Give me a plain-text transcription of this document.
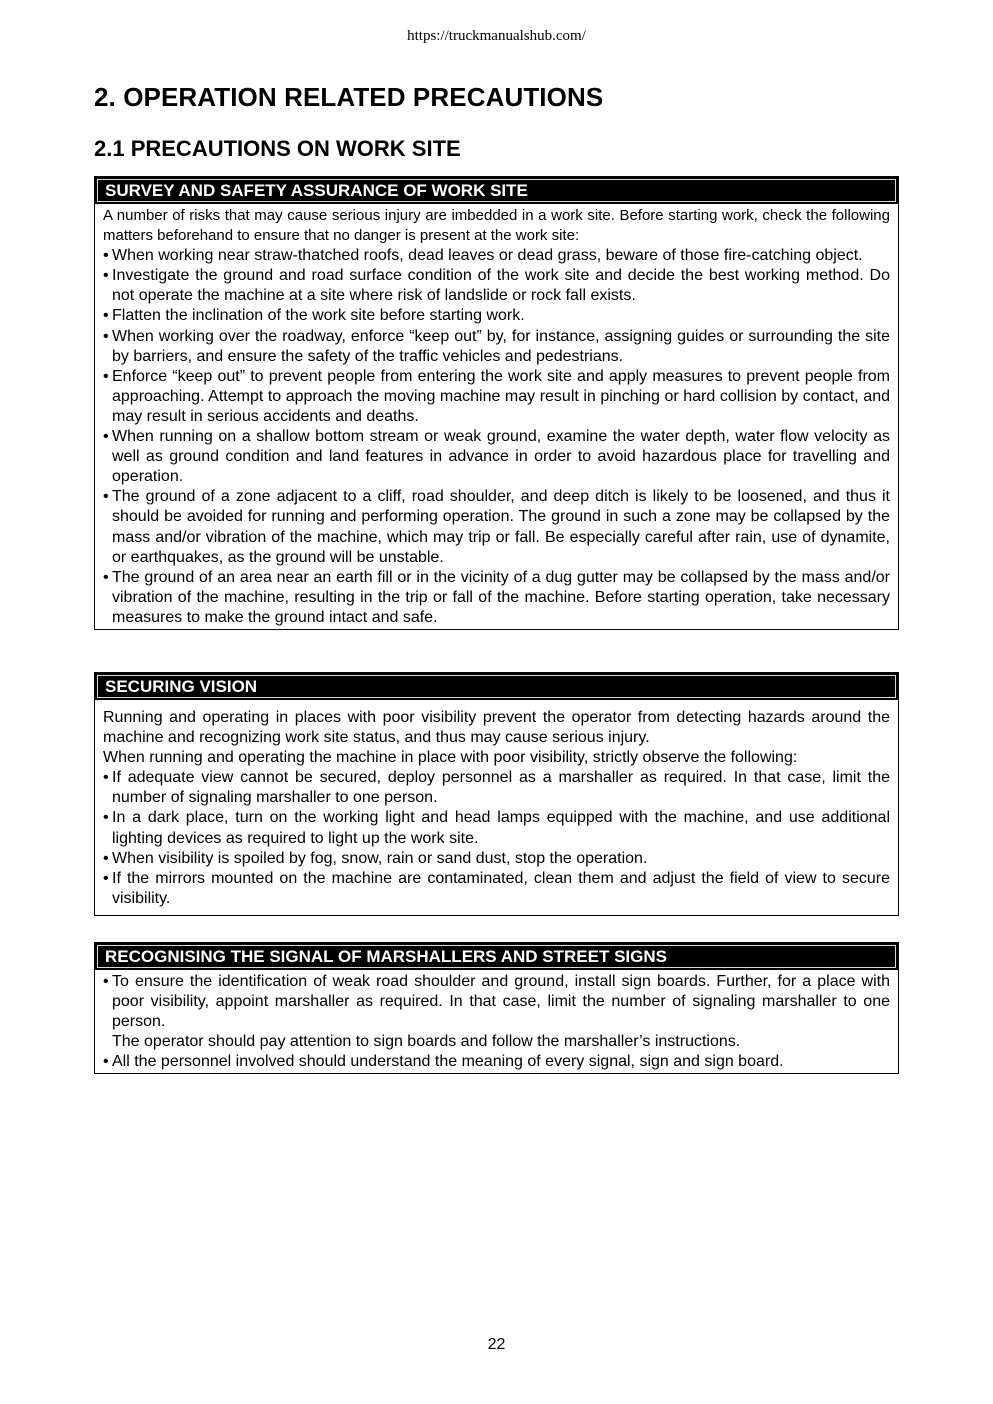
https://truckmanualshub.com/
2. OPERATION RELATED PRECAUTIONS
2.1 PRECAUTIONS ON WORK SITE
SURVEY AND SAFETY ASSURANCE OF WORK SITE

A number of risks that may cause serious injury are imbedded in a work site. Before starting work, check the following matters beforehand to ensure that no danger is present at the work site:

• When working near straw-thatched roofs, dead leaves or dead grass, beware of those fire-catching object.
• Investigate the ground and road surface condition of the work site and decide the best working method. Do not operate the machine at a site where risk of landslide or rock fall exists.
• Flatten the inclination of the work site before starting work.
• When working over the roadway, enforce “keep out” by, for instance, assigning guides or surrounding the site by barriers, and ensure the safety of the traffic vehicles and pedestrians.
• Enforce “keep out” to prevent people from entering the work site and apply measures to prevent people from approaching. Attempt to approach the moving machine may result in pinching or hard collision by contact, and may result in serious accidents and deaths.
• When running on a shallow bottom stream or weak ground, examine the water depth, water flow velocity as well as ground condition and land features in advance in order to avoid hazardous place for travelling and operation.
• The ground of a zone adjacent to a cliff, road shoulder, and deep ditch is likely to be loosened, and thus it should be avoided for running and performing operation. The ground in such a zone may be collapsed by the mass and/or vibration of the machine, which may trip or fall. Be especially careful after rain, use of dynamite, or earthquakes, as the ground will be unstable.
• The ground of an area near an earth fill or in the vicinity of a dug gutter may be collapsed by the mass and/or vibration of the machine, resulting in the trip or fall of the machine. Before starting operation, take necessary measures to make the ground intact and safe.
SECURING VISION

Running and operating in places with poor visibility prevent the operator from detecting hazards around the machine and recognizing work site status, and thus may cause serious injury.

When running and operating the machine in place with poor visibility, strictly observe the following:

• If adequate view cannot be secured, deploy personnel as a marshaller as required. In that case, limit the number of signaling marshaller to one person.
• In a dark place, turn on the working light and head lamps equipped with the machine, and use additional lighting devices as required to light up the work site.
• When visibility is spoiled by fog, snow, rain or sand dust, stop the operation.
• If the mirrors mounted on the machine are contaminated, clean them and adjust the field of view to secure visibility.
RECOGNISING THE SIGNAL OF MARSHALLERS AND STREET SIGNS
• To ensure the identification of weak road shoulder and ground, install sign boards. Further, for a place with poor visibility, appoint marshaller as required. In that case, limit the number of signaling marshaller to one person.
The operator should pay attention to sign boards and follow the marshaller’s instructions.
• All the personnel involved should understand the meaning of every signal, sign and sign board.
22
